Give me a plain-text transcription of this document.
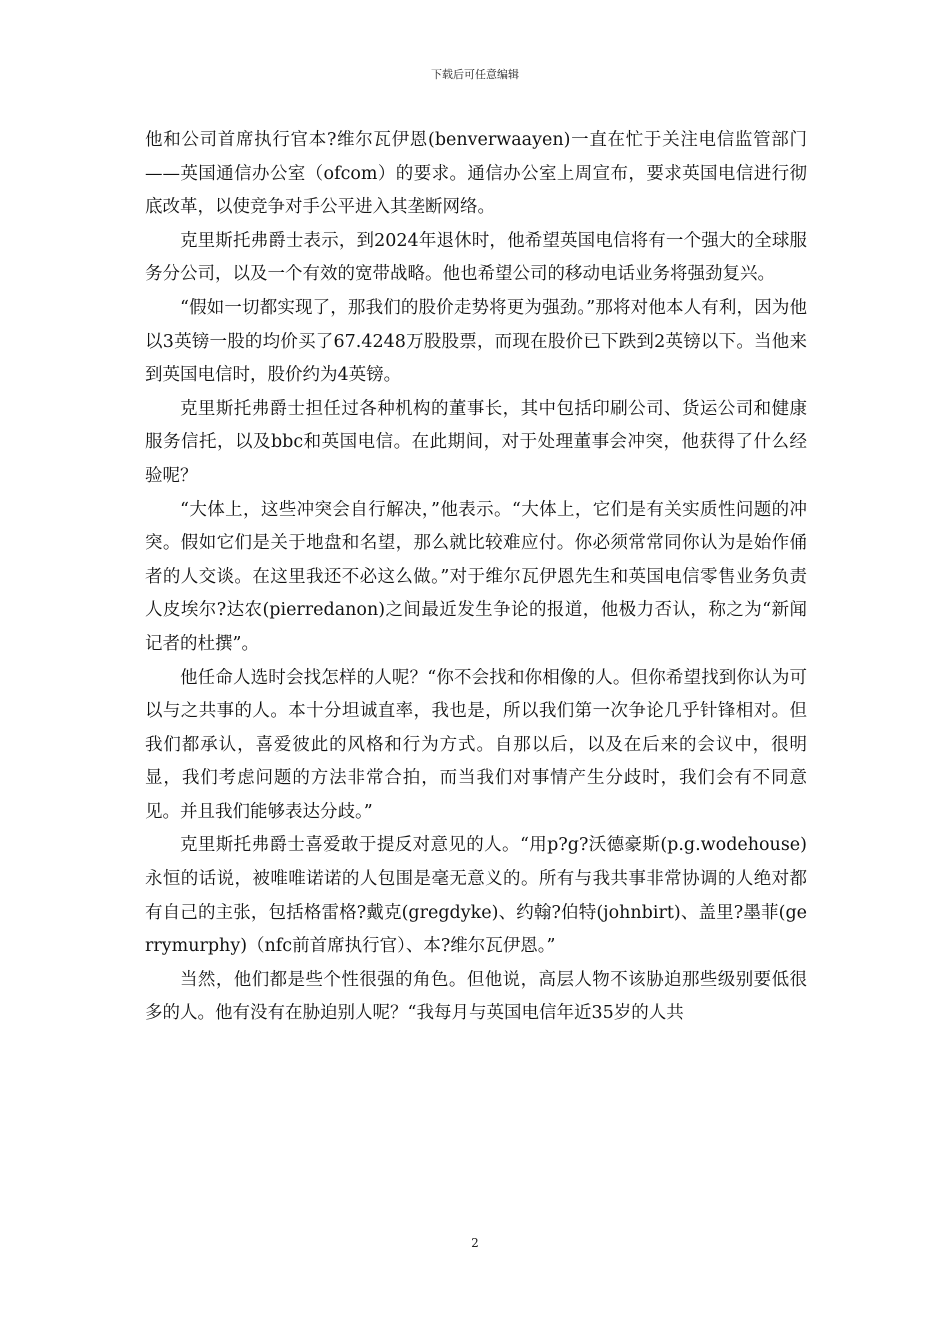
下载后可任意编辑

他和公司首席执行官本?维尔瓦伊恩(benverwaayen)一直在忙于关注电信监管部门——英国通信办公室（ofcom）的要求。通信办公室上周宣布，要求英国电信进行彻底改革，以使竞争对手公平进入其垄断网络。

克里斯托弗爵士表示，到2024年退休时，他希望英国电信将有一个强大的全球服务分公司，以及一个有效的宽带战略。他也希望公司的移动电话业务将强劲复兴。

“假如一切都实现了，那我们的股价走势将更为强劲。”那将对他本人有利，因为他以3英镑一股的均价买了67.4248万股股票，而现在股价已下跌到2英镑以下。当他来到英国电信时，股价约为4英镑。

克里斯托弗爵士担任过各种机构的董事长，其中包括印刷公司、货运公司和健康服务信托，以及bbc和英国电信。在此期间，对于处理董事会冲突，他获得了什么经验呢？

“大体上，这些冲突会自行解决，”他表示。“大体上，它们是有关实质性问题的冲突。假如它们是关于地盘和名望，那么就比较难应付。你必须常常同你认为是始作俑者的人交谈。在这里我还不必这么做。”对于维尔瓦伊恩先生和英国电信零售业务负责人皮埃尔?达农(pierredanon)之间最近发生争论的报道，他极力否认，称之为“新闻记者的杜撰”。

他任命人选时会找怎样的人呢？“你不会找和你相像的人。但你希望找到你认为可以与之共事的人。本十分坦诚直率，我也是，所以我们第一次争论几乎针锋相对。但我们都承认，喜爱彼此的风格和行为方式。自那以后，以及在后来的会议中，很明显，我们考虑问题的方法非常合拍，而当我们对事情产生分歧时，我们会有不同意见。并且我们能够表达分歧。”

克里斯托弗爵士喜爱敢于提反对意见的人。“用p?g?沃德豪斯(p.g.wodehouse)永恒的话说，被唯唯诺诺的人包围是毫无意义的。所有与我共事非常协调的人绝对都有自己的主张，包括格雷格?戴克(gregdyke)、约翰?伯特(johnbirt)、盖里?墨菲(gerrymurphy)（nfc前首席执行官）、本?维尔瓦伊恩。”

当然，他们都是些个性很强的角色。但他说，高层人物不该胁迫那些级别要低很多的人。他有没有在胁迫别人呢？“我每月与英国电信年近35岁的人共

2
